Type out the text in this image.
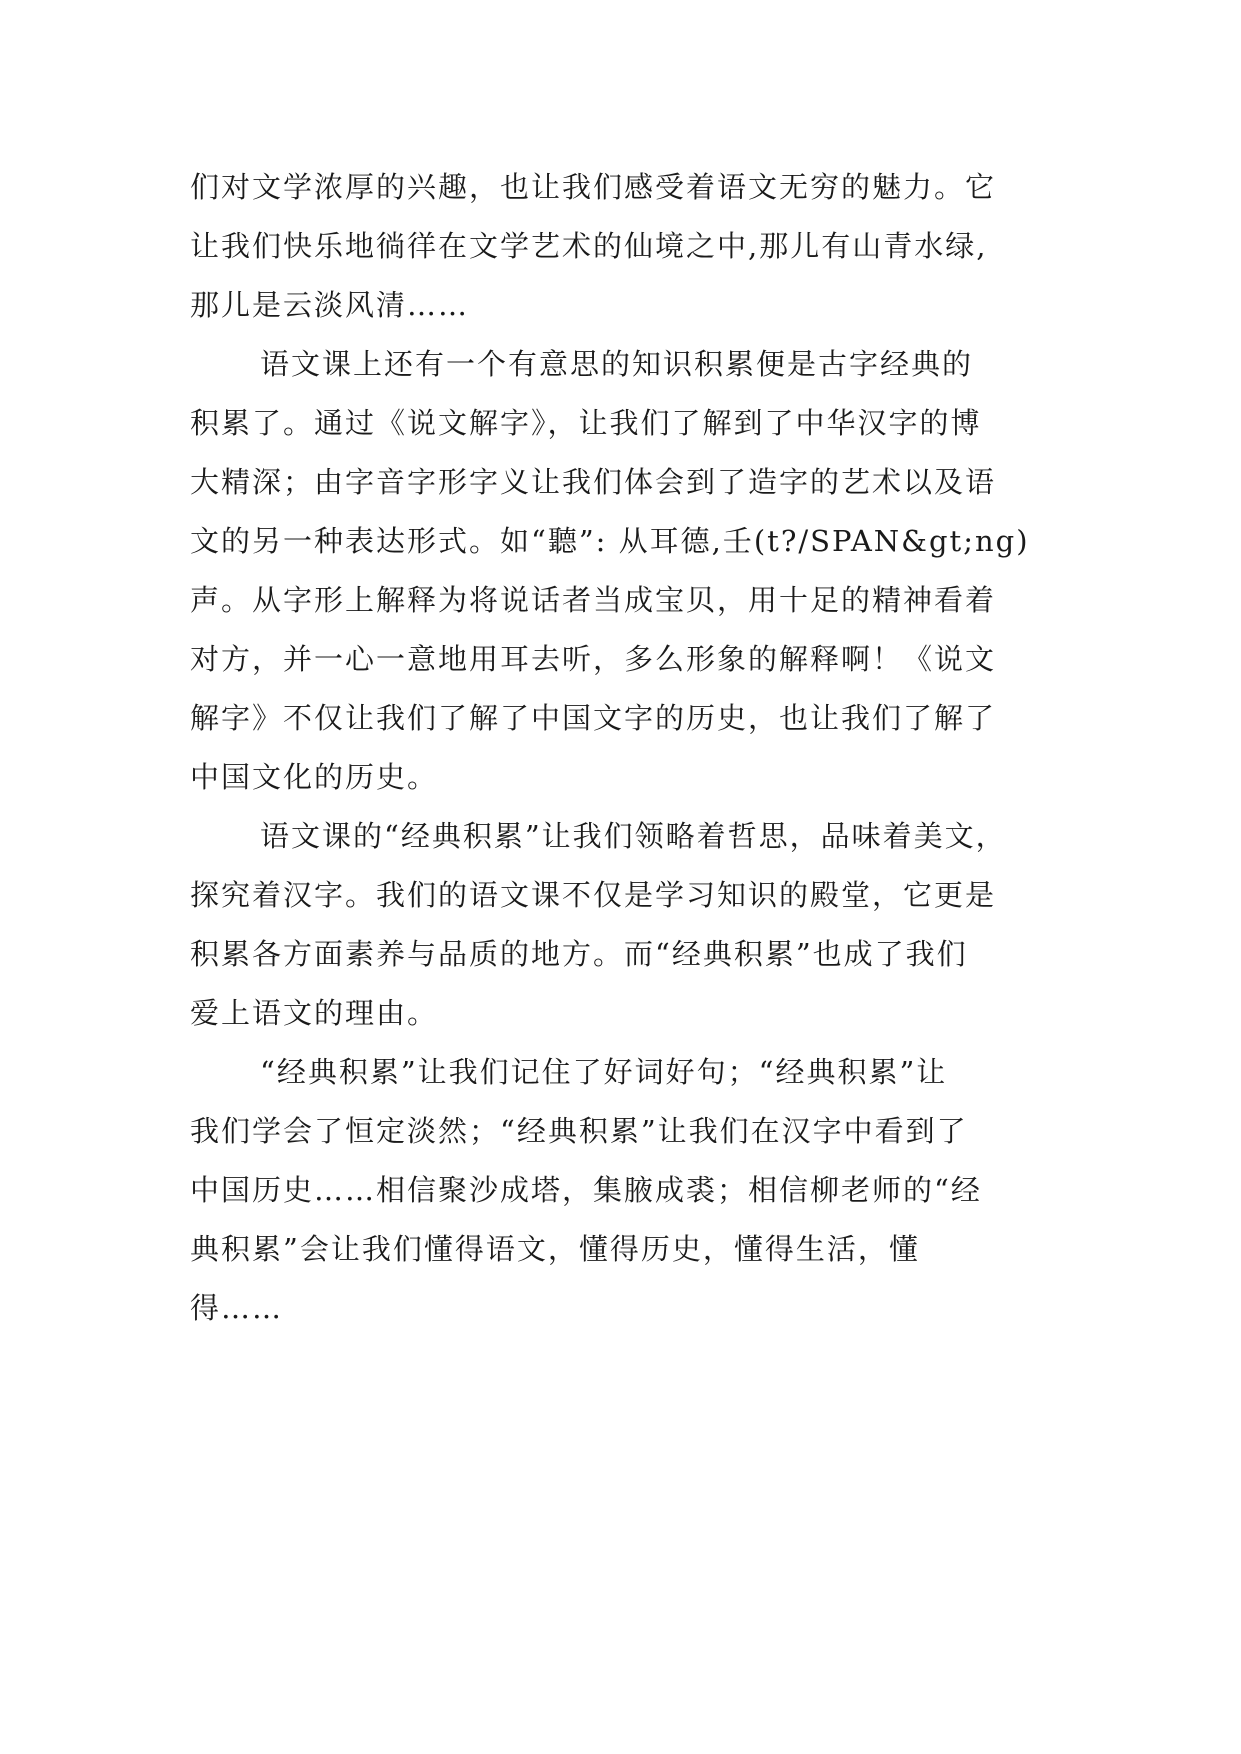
们对文学浓厚的兴趣，也让我们感受着语文无穷的魅力。它
让我们快乐地徜徉在文学艺术的仙境之中,那儿有山青水绿,
那儿是云淡风清……

语文课上还有一个有意思的知识积累便是古字经典的
积累了。通过《说文解字》，让我们了解到了中华汉字的博
大精深；由字音字形字义让我们体会到了造字的艺术以及语
文的另一种表达形式。如“聽”: 从耳德,壬(t?/SPAN&gt;ng)
声。从字形上解释为将说话者当成宝贝，用十足的精神看着
对方，并一心一意地用耳去听，多么形象的解释啊！《说文
解字》不仅让我们了解了中国文字的历史，也让我们了解了
中国文化的历史。

语文课的“经典积累”让我们领略着哲思，品味着美文，
探究着汉字。我们的语文课不仅是学习知识的殿堂，它更是
积累各方面素养与品质的地方。而“经典积累”也成了我们
爱上语文的理由。

“经典积累”让我们记住了好词好句；“经典积累”让
我们学会了恒定淡然；“经典积累”让我们在汉字中看到了
中国历史……相信聚沙成塔，集腋成裘；相信柳老师的“经
典积累”会让我们懂得语文，懂得历史，懂得生活，懂
得……
